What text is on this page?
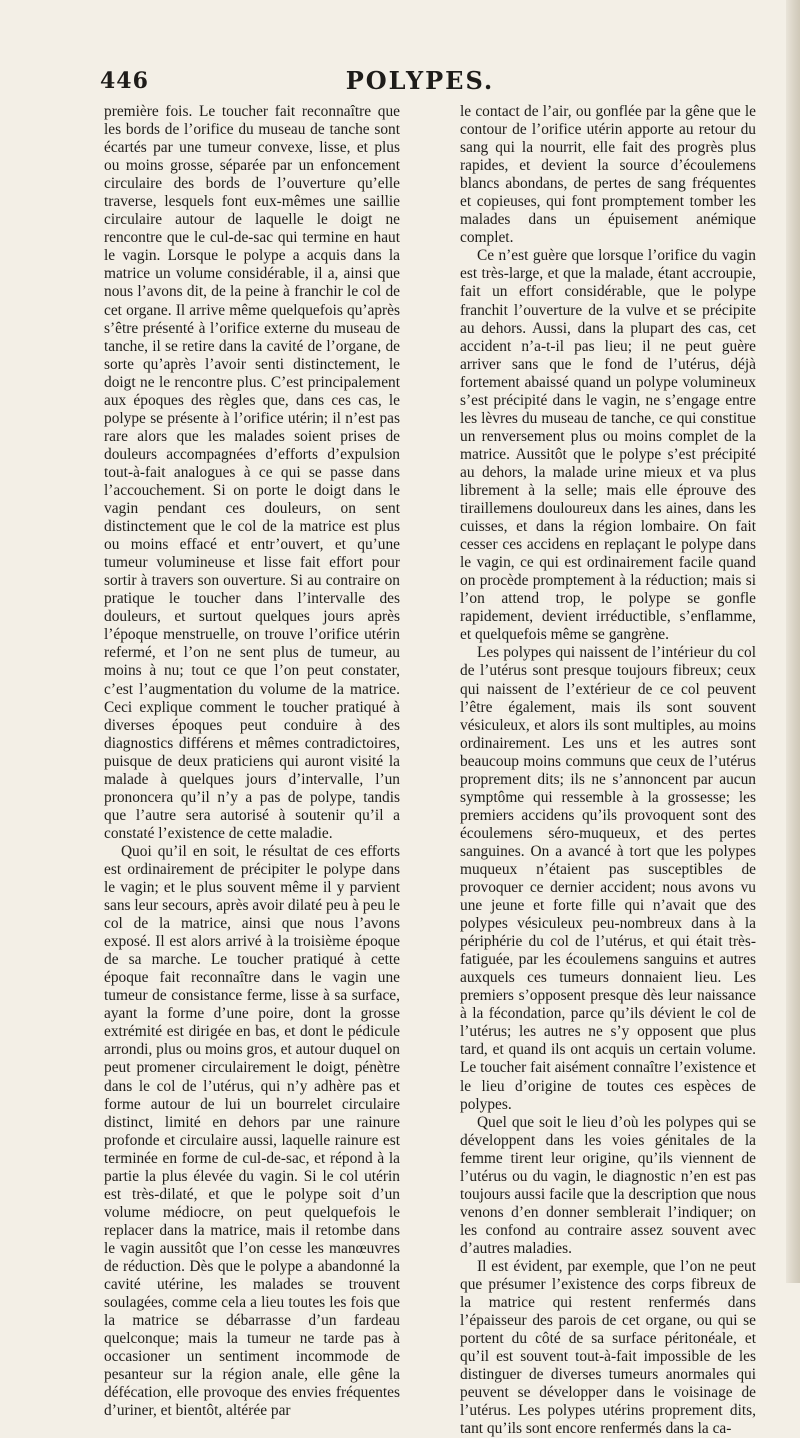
446	POLYPES.

première fois. Le toucher fait reconnaître que les bords de l’orifice du museau de tanche sont écartés par une tumeur convexe, lisse, et plus ou moins grosse, séparée par un enfoncement circulaire des bords de l’ouverture qu’elle traverse, lesquels font eux-mêmes une saillie circulaire autour de laquelle le doigt ne rencontre que le cul-de-sac qui termine en haut le vagin. Lorsque le polype a acquis dans la matrice un volume considérable, il a, ainsi que nous l’avons dit, de la peine à franchir le col de cet organe. Il arrive même quelquefois qu’après s’être présenté à l’orifice externe du museau de tanche, il se retire dans la cavité de l’organe, de sorte qu’après l’avoir senti distinctement, le doigt ne le rencontre plus. C’est principalement aux époques des règles que, dans ces cas, le polype se présente à l’orifice utérin; il n’est pas rare alors que les malades soient prises de douleurs accompagnées d’efforts d’expulsion tout-à-fait analogues à ce qui se passe dans l’accouchement. Si on porte le doigt dans le vagin pendant ces douleurs, on sent distinctement que le col de la matrice est plus ou moins effacé et entr’ouvert, et qu’une tumeur volumineuse et lisse fait effort pour sortir à travers son ouverture. Si au contraire on pratique le toucher dans l’intervalle des douleurs, et surtout quelques jours après l’époque menstruelle, on trouve l’orifice utérin refermé, et l’on ne sent plus de tumeur, au moins à nu; tout ce que l’on peut constater, c’est l’augmentation du volume de la matrice. Ceci explique comment le toucher pratiqué à diverses époques peut conduire à des diagnostics différens et mêmes contradictoires, puisque de deux praticiens qui auront visité la malade à quelques jours d’intervalle, l’un prononcera qu’il n’y a pas de polype, tandis que l’autre sera autorisé à soutenir qu’il a constaté l’existence de cette maladie.

Quoi qu’il en soit, le résultat de ces efforts est ordinairement de précipiter le polype dans le vagin; et le plus souvent même il y parvient sans leur secours, après avoir dilaté peu à peu le col de la matrice, ainsi que nous l’avons exposé. Il est alors arrivé à la troisième époque de sa marche. Le toucher pratiqué à cette époque fait reconnaître dans le vagin une tumeur de consistance ferme, lisse à sa surface, ayant la forme d’une poire, dont la grosse extrémité est dirigée en bas, et dont le pédicule arrondi, plus ou moins gros, et autour duquel on peut promener circulairement le doigt, pénètre dans le col de l’utérus, qui n’y adhère pas et forme autour de lui un bourrelet circulaire distinct, limité en dehors par une rainure profonde et circulaire aussi, laquelle rainure est terminée en forme de cul-de-sac, et répond à la partie la plus élevée du vagin. Si le col utérin est très-dilaté, et que le polype soit d’un volume médiocre, on peut quelquefois le replacer dans la matrice, mais il retombe dans le vagin aussitôt que l’on cesse les manœuvres de réduction. Dès que le polype a abandonné la cavité utérine, les malades se trouvent soulagées, comme cela a lieu toutes les fois que la matrice se débarrasse d’un fardeau quelconque; mais la tumeur ne tarde pas à occasioner un sentiment incommode de pesanteur sur la région anale, elle gêne la défécation, elle provoque des envies fréquentes d’uriner, et bientôt, altérée par

le contact de l’air, ou gonflée par la gêne que le contour de l’orifice utérin apporte au retour du sang qui la nourrit, elle fait des progrès plus rapides, et devient la source d’écoulemens blancs abondans, de pertes de sang fréquentes et copieuses, qui font promptement tomber les malades dans un épuisement anémique complet.

Ce n’est guère que lorsque l’orifice du vagin est très-large, et que la malade, étant accroupie, fait un effort considérable, que le polype franchit l’ouverture de la vulve et se précipite au dehors. Aussi, dans la plupart des cas, cet accident n’a-t-il pas lieu; il ne peut guère arriver sans que le fond de l’utérus, déjà fortement abaissé quand un polype volumineux s’est précipité dans le vagin, ne s’engage entre les lèvres du museau de tanche, ce qui constitue un renversement plus ou moins complet de la matrice. Aussitôt que le polype s’est précipité au dehors, la malade urine mieux et va plus librement à la selle; mais elle éprouve des tiraillemens douloureux dans les aines, dans les cuisses, et dans la région lombaire. On fait cesser ces accidens en replaçant le polype dans le vagin, ce qui est ordinairement facile quand on procède promptement à la réduction; mais si l’on attend trop, le polype se gonfle rapidement, devient irréductible, s’enflamme, et quelquefois même se gangrène.

Les polypes qui naissent de l’intérieur du col de l’utérus sont presque toujours fibreux; ceux qui naissent de l’extérieur de ce col peuvent l’être également, mais ils sont souvent vésiculeux, et alors ils sont multiples, au moins ordinairement. Les uns et les autres sont beaucoup moins communs que ceux de l’utérus proprement dits; ils ne s’annoncent par aucun symptôme qui ressemble à la grossesse; les premiers accidens qu’ils provoquent sont des écoulemens séro-muqueux, et des pertes sanguines. On a avancé à tort que les polypes muqueux n’étaient pas susceptibles de provoquer ce dernier accident; nous avons vu une jeune et forte fille qui n’avait que des polypes vésiculeux peu-nombreux dans à la périphérie du col de l’utérus, et qui était très-fatiguée, par les écoulemens sanguins et autres auxquels ces tumeurs donnaient lieu. Les premiers s’opposent presque dès leur naissance à la fécondation, parce qu’ils dévient le col de l’utérus; les autres ne s’y opposent que plus tard, et quand ils ont acquis un certain volume. Le toucher fait aisément connaître l’existence et le lieu d’origine de toutes ces espèces de polypes.

Quel que soit le lieu d’où les polypes qui se développent dans les voies génitales de la femme tirent leur origine, qu’ils viennent de l’utérus ou du vagin, le diagnostic n’en est pas toujours aussi facile que la description que nous venons d’en donner semblerait l’indiquer; on les confond au contraire assez souvent avec d’autres maladies.

Il est évident, par exemple, que l’on ne peut que présumer l’existence des corps fibreux de la matrice qui restent renfermés dans l’épaisseur des parois de cet organe, ou qui se portent du côté de sa surface péritonéale, et qu’il est souvent tout-à-fait impossible de les distinguer de diverses tumeurs anormales qui peuvent se développer dans le voisinage de l’utérus. Les polypes utérins proprement dits, tant qu’ils sont encore renfermés dans la ca-
